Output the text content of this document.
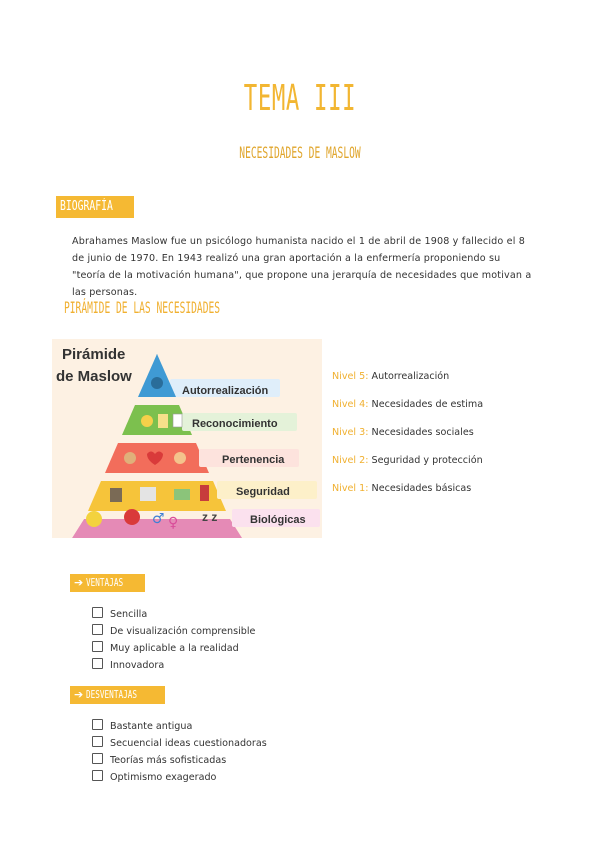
TEMA III
NECESIDADES DE MASLOW
BIOGRAFÍA
Abrahames Maslow fue un psicólogo humanista nacido el 1 de abril de 1908 y fallecido el 8 de junio de 1970. En 1943 realizó una gran aportación a la enfermería proponiendo su "teoría de la motivación humana", que propone una jerarquía de necesidades que motivan a las personas.
PIRÁMIDE DE LAS NECESIDADES
Pirámide
de Maslow
♂ ♀ z z
Autorrealización
Reconocimiento
Pertenencia
Seguridad
Biológicas
Nivel 5: Autorrealización
Nivel 4: Necesidades de estima
Nivel 3: Necesidades sociales
Nivel 2: Seguridad y protección
Nivel 1: Necesidades básicas
➔ VENTAJAS
Sencilla
De visualización comprensible
Muy aplicable a la realidad
Innovadora
➔ DESVENTAJAS
Bastante antigua
Secuencial ideas cuestionadoras
Teorías más sofisticadas
Optimismo exagerado
